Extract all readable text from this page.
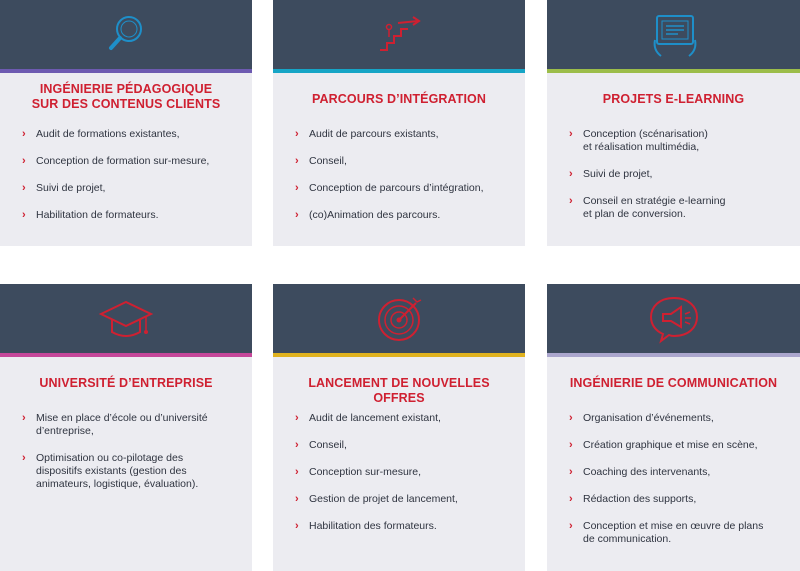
INGÉNIERIE PÉDAGOGIQUE
SUR DES CONTENUS CLIENTS
› Audit de formations existantes,
› Conception de formation sur-mesure,
› Suivi de projet,
› Habilitation de formateurs.
PARCOURS D’INTÉGRATION
› Audit de parcours existants,
› Conseil,
› Conception de parcours d’intégration,
› (co)Animation des parcours.
PROJETS E-LEARNING
› Conception (scénarisation)
et réalisation multimédia,
› Suivi de projet,
› Conseil en stratégie e-learning
et plan de conversion.
UNIVERSITÉ D’ENTREPRISE
› Mise en place d’école ou d’université
d’entreprise,
› Optimisation ou co-pilotage des
dispositifs existants (gestion des
animateurs, logistique, évaluation).
LANCEMENT DE NOUVELLES OFFRES
› Audit de lancement existant,
› Conseil,
› Conception sur-mesure,
› Gestion de projet de lancement,
› Habilitation des formateurs.
INGÉNIERIE DE COMMUNICATION
› Organisation d’événements,
› Création graphique et mise en scène,
› Coaching des intervenants,
› Rédaction des supports,
› Conception et mise en œuvre de plans
de communication.
